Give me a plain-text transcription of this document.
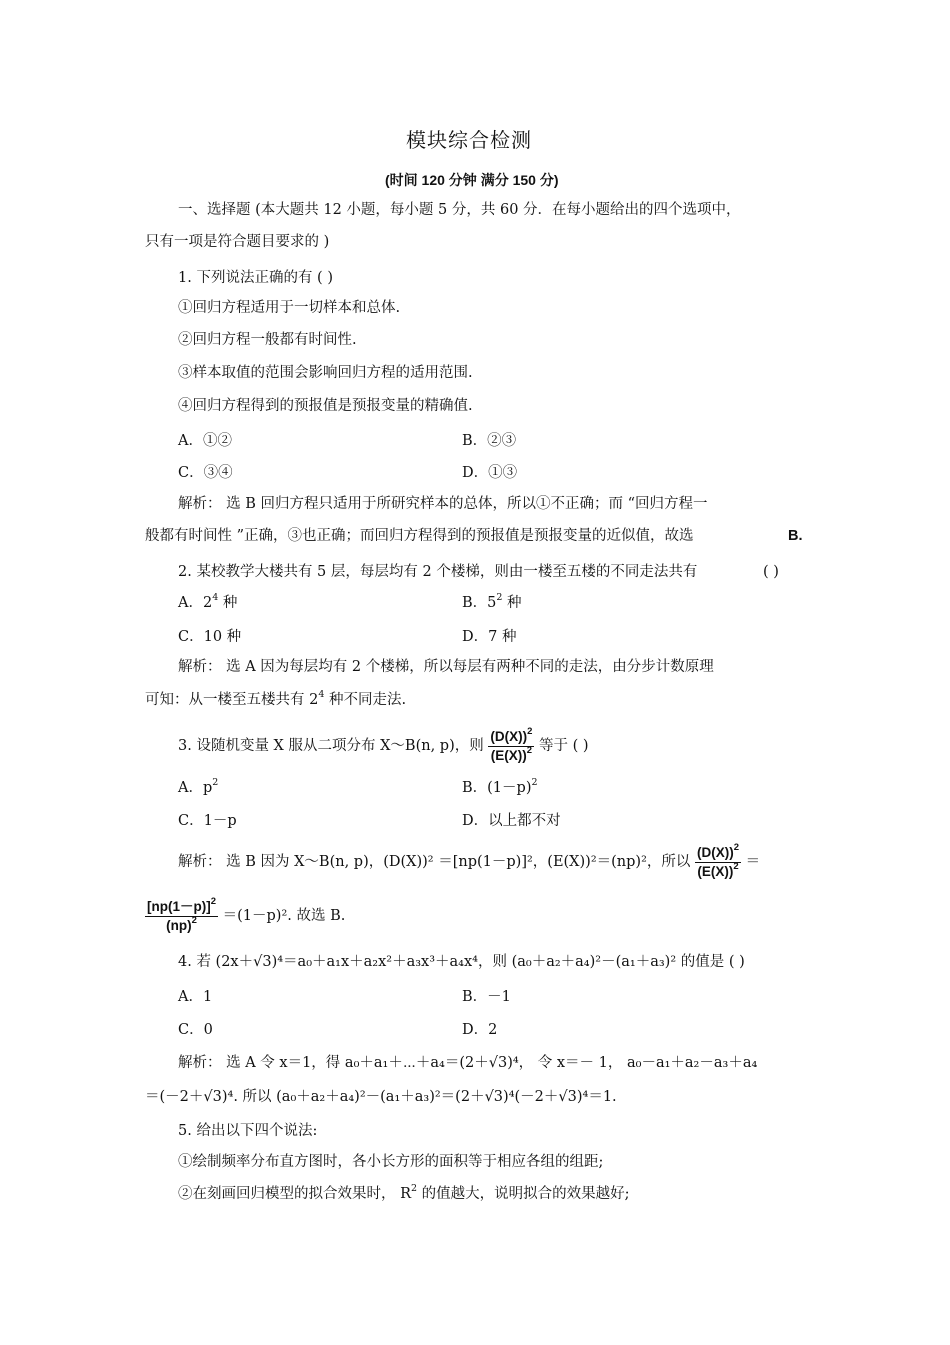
模块综合检测
(时间 120 分钟 满分 150 分)
一、选择题 (本大题共 12 小题，每小题 5 分，共 60 分．在每小题给出的四个选项中，
只有一项是符合题目要求的 )
1. 下列说法正确的有 ( )
①回归方程适用于一切样本和总体.
②回归方程一般都有时间性.
③样本取值的范围会影响回归方程的适用范围.
④回归方程得到的预报值是预报变量的精确值.
A．①②	B．②③
C．③④	D．①③
解析： 选 B 回归方程只适用于所研究样本的总体，所以①不正确；而 “回归方程一
般都有时间性 ”正确，③也正确；而回归方程得到的预报值是预报变量的近似值，故选	B.
2. 某校教学大楼共有 5 层，每层均有 2 个楼梯，则由一楼至五楼的不同走法共有	( )
A．$2^4$ 种	B．$5^2$ 种
C．10 种	D．7 种
解析： 选 A 因为每层均有 2 个楼梯，所以每层有两种不同的走法，由分步计数原理
可知：从一楼至五楼共有 $2^4$ 种不同走法.
3. 设随机变量 X 服从二项分布 X～B(n, p)，则 $\frac{(D(X))^2}{(E(X))^2}$ 等于 ( )
A．$p^2$	B．$(1-p)^2$
C．1－p	D．以上都不对
解析： 选 B 因为 X～B(n, p)，(D(X))² ＝[np(1－p)]²，(E(X))²＝(np)²，所以 $\frac{(D(X))^2}{(E(X))^2}$ ＝
$\frac{[np(1-p)]^2}{(np)^2} =(1-p)^2$. 故选 B.
4. 若 (2x＋√3)⁴＝a₀＋a₁x＋a₂x²＋a₃x³＋a₄x⁴，则 (a₀＋a₂＋a₄)²－(a₁＋a₃)² 的值是 ( )
A．1	B．－1
C．0	D．2
解析： 选 A 令 x＝1，得 a₀＋a₁＋⋯＋a₄＝(2＋√3)⁴， 令 x＝－ 1， a₀－a₁＋a₂－a₃＋a₄
＝(－2＋√3)⁴. 所以 (a₀＋a₂＋a₄)²－(a₁＋a₃)²＝(2＋√3)⁴(－2＋√3)⁴＝1.
5. 给出以下四个说法:
①绘制频率分布直方图时，各小长方形的面积等于相应各组的组距;
②在刻画回归模型的拟合效果时， $R^2$ 的值越大，说明拟合的效果越好;
